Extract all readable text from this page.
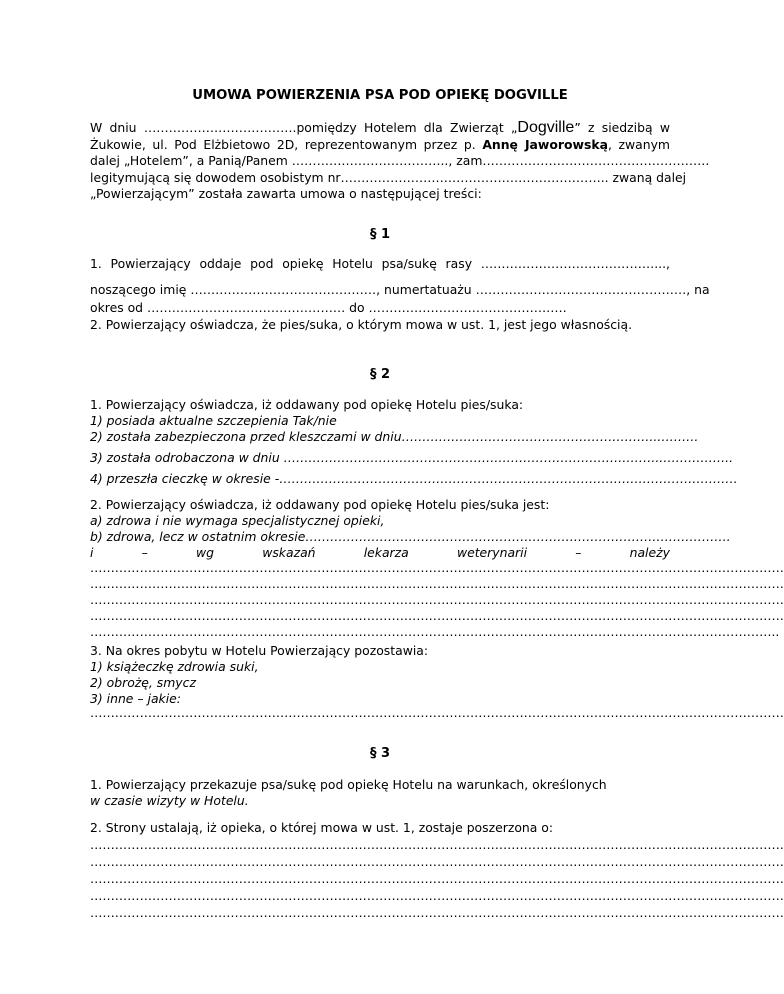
UMOWA POWIERZENIA PSA POD OPIEKĘ DOGVILLE
W dniu ……………………………….pomiędzy Hotelem dla Zwierząt „Dogville” z siedzibą w
Żukowie, ul. Pod Elżbietowo 2D, reprezentowanym przez p. Annę Jaworowską, zwanym
dalej „Hotelem”, a Panią/Panem ……………………………….., zam……………………………………………….
legitymującą się dowodem osobistym nr……………………………………………………….. zwaną dalej
„Powierzającym” została zawarta umowa o następującej treści:
§ 1
1. Powierzający oddaje pod opiekę Hotelu psa/sukę rasy ……………………………………...,
noszącego imię ………………………………………, numertatuażu ……………………………………………, na
okres od ………………………………………… do …………………………………………
2. Powierzający oświadcza, że pies/suka, o którym mowa w ust. 1, jest jego własnością.
§ 2
1. Powierzający oświadcza, iż oddawany pod opiekę Hotelu pies/suka:
1) posiada aktualne szczepienia Tak/nie
2) została zabezpieczona przed kleszczami w dniu……………………………………………………..……….
3) została odrobaczona w dniu ………………………………………………………………………………..……………..
4) przeszła cieczkę w okresie -…………………………………………………………………………………………………
2. Powierzający oświadcza, iż oddawany pod opiekę Hotelu pies/suka jest:
a) zdrowa i nie wymaga specjalistycznej opieki,
b) zdrowa, lecz w ostatnim okresie………………………………………………………………………………………….
i	–	wg	wskazań	lekarza	weterynarii	–	należy
……………………………………………………………………………………………………………………………………………………
……………………………………………………………………………………………………………………………………………………
……………………………………………………………………………………………………………………………………………………
……………………………………………………………………………………………………………………………………………………
…………………………………………………………………………………………………………………………………………………..
3. Na okres pobytu w Hotelu Powierzający pozostawia:
1) książeczkę zdrowia suki,
2) obrożę, smycz
3) inne – jakie:
……………………………………………………………………………………………………………………………………………………
§ 3
1. Powierzający przekazuje psa/sukę pod opiekę Hotelu na warunkach, określonych
w czasie wizyty w Hotelu.
2. Strony ustalają, iż opieka, o której mowa w ust. 1, zostaje poszerzona o:
……………………………………………………………………………………………………………………………………………………
……………………………………………………………………………………………………………………………………………………
……………………………………………………………………………………………………………………………………………………
……………………………………………………………………………………………………………………………………………………
……………………………………………………………………………………………………………………………………………………
